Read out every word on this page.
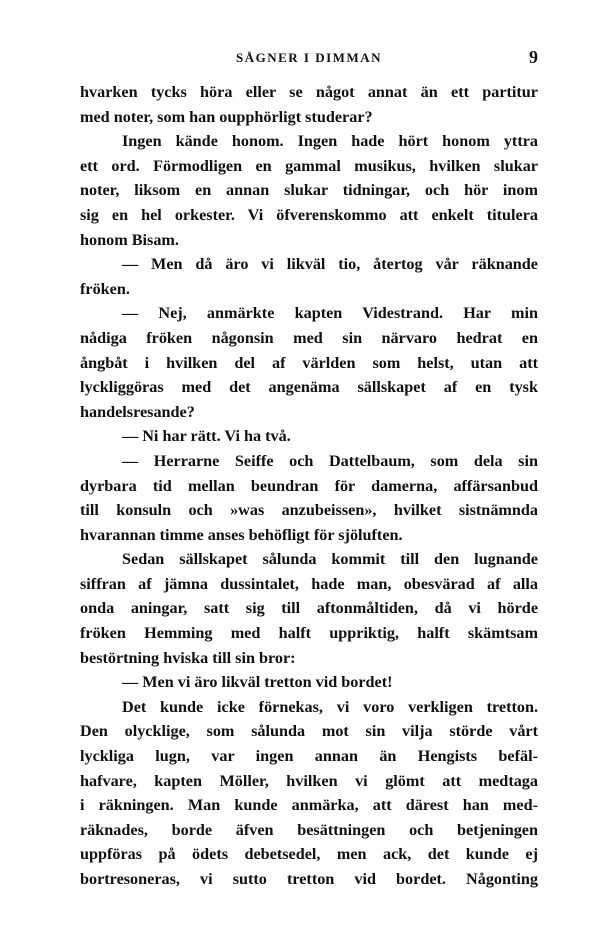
SÅGNER I DIMMAN	9
hvarken tycks höra eller se något annat än ett partitur
med noter, som han oupphörligt studerar?
Ingen kände honom. Ingen hade hört honom yttra
ett ord. Förmodligen en gammal musikus, hvilken slukar
noter, liksom en annan slukar tidningar, och hör inom
sig en hel orkester. Vi öfverenskommo att enkelt titulera
honom Bisam.
— Men då äro vi likväl tio, återtog vår räknande
fröken.
— Nej, anmärkte kapten Videstrand. Har min
nådiga fröken någonsin med sin närvaro hedrat en
ångbåt i hvilken del af världen som helst, utan att
lyckliggöras med det angenäma sällskapet af en tysk
handelsresande?
— Ni har rätt. Vi ha två.
— Herrarne Seiffe och Dattelbaum, som dela sin
dyrbara tid mellan beundran för damerna, affärsanbud
till konsuln och »was anzubeissen», hvilket sistnämnda
hvarannan timme anses behöfligt för sjöluften.
Sedan sällskapet sålunda kommit till den lugnande
siffran af jämna dussintalet, hade man, obesvärad af alla
onda aningar, satt sig till aftonmåltiden, då vi hörde
fröken Hemming med halft uppriktig, halft skämtsam
bestörtning hviska till sin bror:
— Men vi äro likväl tretton vid bordet!
Det kunde icke förnekas, vi voro verkligen tretton.
Den olycklige, som sålunda mot sin vilja störde vårt
lyckliga lugn, var ingen annan än Hengists befäl-
hafvare, kapten Möller, hvilken vi glömt att medtaga
i räkningen. Man kunde anmärka, att därest han med-
räknades, borde äfven besättningen och betjeningen
uppföras på ödets debetsedel, men ack, det kunde ej
bortresoneras, vi sutto tretton vid bordet. Någonting
